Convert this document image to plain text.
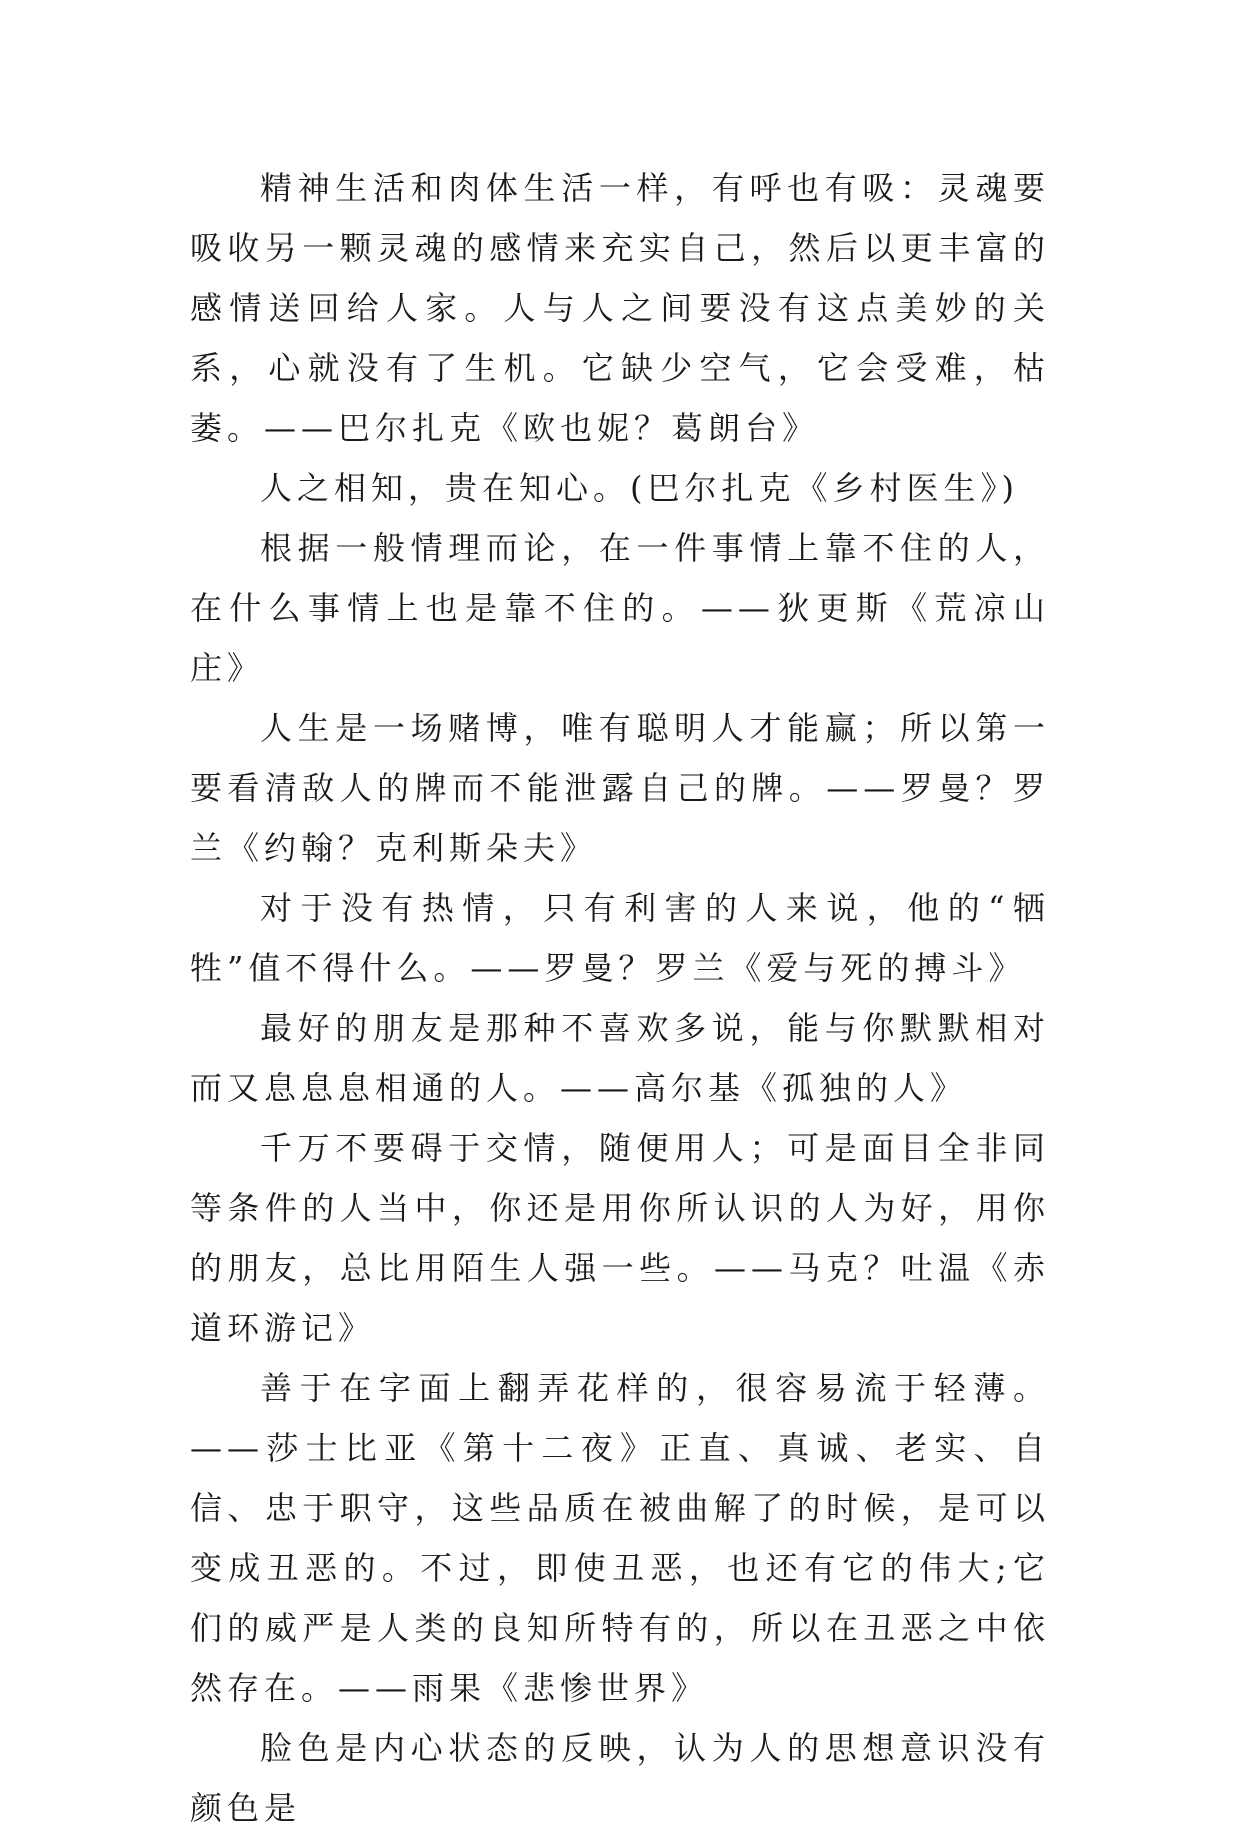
精神生活和肉体生活一样，有呼也有吸：灵魂要吸收另一颗灵魂的感情来充实自己，然后以更丰富的感情送回给人家。人与人之间要没有这点美妙的关系，心就没有了生机。它缺少空气，它会受难，枯萎。——巴尔扎克《欧也妮？葛朗台》

人之相知，贵在知心。(巴尔扎克《乡村医生》)

根据一般情理而论，在一件事情上靠不住的人，在什么事情上也是靠不住的。——狄更斯《荒凉山庄》

人生是一场赌博，唯有聪明人才能赢；所以第一要看清敌人的牌而不能泄露自己的牌。——罗曼？罗兰《约翰？克利斯朵夫》

对于没有热情，只有利害的人来说，他的“牺牲”值不得什么。——罗曼？罗兰《爱与死的搏斗》

最好的朋友是那种不喜欢多说，能与你默默相对而又息息息相通的人。——高尔基《孤独的人》

千万不要碍于交情，随便用人；可是面目全非同等条件的人当中，你还是用你所认识的人为好，用你的朋友，总比用陌生人强一些。——马克？吐温《赤道环游记》

善于在字面上翻弄花样的，很容易流于轻薄。——莎士比亚《第十二夜》正直、真诚、老实、自信、忠于职守，这些品质在被曲解了的时候，是可以变成丑恶的。不过，即使丑恶，也还有它的伟大;它们的威严是人类的良知所特有的，所以在丑恶之中依然存在。——雨果《悲惨世界》

脸色是内心状态的反映，认为人的思想意识没有颜色是
